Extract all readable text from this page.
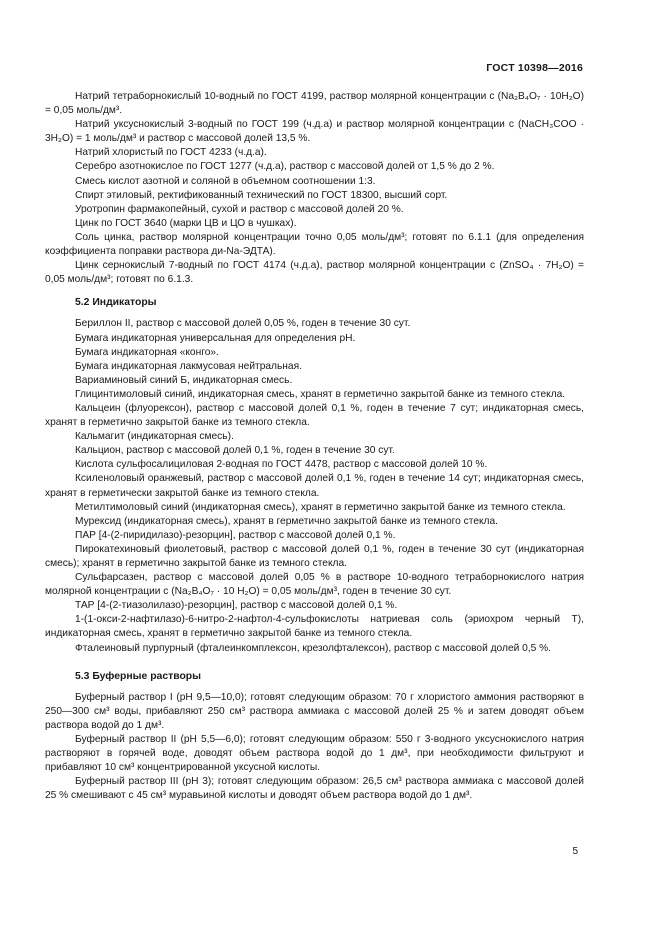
ГОСТ 10398—2016

Натрий тетраборнокислый 10-водный по ГОСТ 4199, раствор молярной концентрации c (Na₂B₄O₇ · 10H₂O) = 0,05 моль/дм³.

Натрий уксуснокислый 3-водный по ГОСТ 199 (ч.д.а) и раствор молярной концентрации c (NaCH₃COO · 3H₂O) = 1 моль/дм³ и раствор с массовой долей 13,5 %.

Натрий хлористый по ГОСТ 4233 (ч.д.а).

Серебро азотнокислое по ГОСТ 1277 (ч.д.а), раствор с массовой долей от 1,5 % до 2 %.

Смесь кислот азотной и соляной в объемном соотношении 1:3.

Спирт этиловый, ректификованный технический по ГОСТ 18300, высший сорт.

Уротропин фармакопейный, сухой и раствор с массовой долей 20 %.

Цинк по ГОСТ 3640 (марки ЦВ и ЦО в чушках).

Соль цинка, раствор молярной концентрации точно 0,05 моль/дм³; готовят по 6.1.1 (для определения коэффициента поправки раствора ди-Na-ЭДТА).

Цинк сернокислый 7-водный по ГОСТ 4174 (ч.д.а), раствор молярной концентрации c (ZnSO₄ · 7H₂O) = 0,05 моль/дм³; готовят по 6.1.3.

5.2 Индикаторы

Бериллон II, раствор с массовой долей 0,05 %, годен в течение 30 сут.

Бумага индикаторная универсальная для определения pH.

Бумага индикаторная «конго».

Бумага индикаторная лакмусовая нейтральная.

Вариаминовый синий Б, индикаторная смесь.

Глицинтимоловый синий, индикаторная смесь, хранят в герметично закрытой банке из темного стекла.

Кальцеин (флуорексон), раствор с массовой долей 0,1 %, годен в течение 7 сут; индикаторная смесь, хранят в герметично закрытой банке из темного стекла.

Кальмагит (индикаторная смесь).

Кальцион, раствор с массовой долей 0,1 %, годен в течение 30 сут.

Кислота сульфосалициловая 2-водная по ГОСТ 4478, раствор с массовой долей 10 %.

Ксиленоловый оранжевый, раствор с массовой долей 0,1 %, годен в течение 14 сут; индикаторная смесь, хранят в герметически закрытой банке из темного стекла.

Метилтимоловый синий (индикаторная смесь), хранят в герметично закрытой банке из темного стекла.

Мурексид (индикаторная смесь), хранят в герметично закрытой банке из темного стекла.

ПАР [4-(2-пиридилазо)-резорцин], раствор с массовой долей 0,1 %.

Пирокатехиновый фиолетовый, раствор с массовой долей 0,1 %, годен в течение 30 сут (индикаторная смесь); хранят в герметично закрытой банке из темного стекла.

Сульфарсазен, раствор с массовой долей 0,05 % в растворе 10-водного тетраборнокислого натрия молярной концентрации c (Na₂B₄O₇ · 10 H₂O) = 0,05 моль/дм³, годен в течение 30 сут.

ТАР [4-(2-тиазолилазо)-резорцин], раствор с массовой долей 0,1 %.

1-(1-окси-2-нафтилазо)-6-нитро-2-нафтол-4-сульфокислоты натриевая соль (эриохром черный Т), индикаторная смесь, хранят в герметично закрытой банке из темного стекла.

Фталеиновый пурпурный (фталеинкомплексон, крезолфталексон), раствор с массовой долей 0,5 %.

5.3 Буферные растворы

Буферный раствор I (pH 9,5—10,0); готовят следующим образом: 70 г хлористого аммония растворяют в 250—300 см³ воды, прибавляют 250 см³ раствора аммиака с массовой долей 25 % и затем доводят объем раствора водой до 1 дм³.

Буферный раствор II (pH 5,5—6,0); готовят следующим образом: 550 г 3-водного уксуснокислого натрия растворяют в горячей воде, доводят объем раствора водой до 1 дм³, при необходимости фильтруют и прибавляют 10 см³ концентрированной уксусной кислоты.

Буферный раствор III (pH 3); готовят следующим образом: 26,5 см³ раствора аммиака с массовой долей 25 % смешивают с 45 см³ муравьиной кислоты и доводят объем раствора водой до 1 дм³.

5
